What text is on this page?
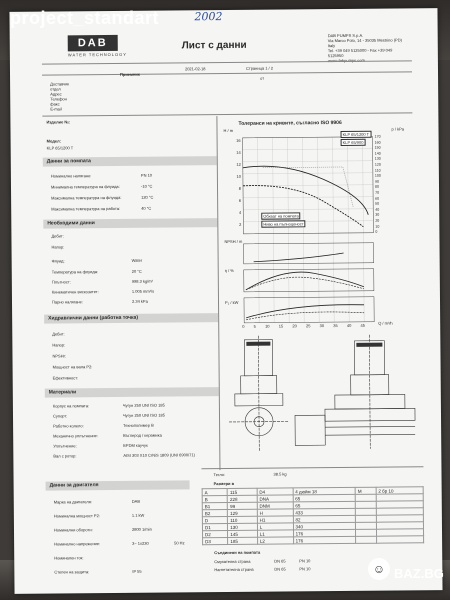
project_standart	2002
DAB
WATER TECHNOLOGY
Лист с данни
DAB PUMPS S.p.A.
Via Marco Polo, 14 - 35035 Mestrino (PD) Italy
Tel. +39 049 5125000 - Fax +39 049 5125950
www.dabpumps.com
2021-02-18	Страница 1 / 2
Приемник
от
Доставчик
отдел
Адрес
Телефон
факс
E-mail
Изделие №:
Модел:
KLP 65/1200 T
Данни за помпата
Номинално налягане:	PN 10
Минимална температура на флуида:	-10 °C
Максимална температура на флуида:	120 °C
Максимална температура на работа:	40 °C
Необходими данни
Дебит:
Напор:
Флуид:	Water
Температура на флуида:	20 °C
Плътност:	998.3 kg/m³
Кинематичен вискозитет:	1.005 mm²/s
Парно налягане:	2.34 kPa
Хидравлични данни (работна точка)
Дебит:
Напор:
NPSHr:
Мощност на вала P2:
Ефективност:
Материали
Корпус на помпата:	Чугун 250 UNI ISO 185
Супорт:	Чугун 250 UNI ISO 185
Работно колело:	Технополимер В
Механично уплътнение:	Въглерод / керамика
Уплътнение:	EPDM каучук
Вал с ротор:	AISI 303 X10 CrNiS 1809 (UNI 6900/71)
Данни за двигателя
Марка на двигателя:	DAB
Номинална мощност P2:	1.1 kW
Номинални обороти:	2800 1/min
Номинално напрежение:	3~ 1x230	50 Hz
Номинален ток:
Степен на защита:	IP 55
Толеранси на кривите, съгласно ISO 9906
KLP 65/1200 T
KLP 65/900
H / m	p / kPa
Обхват на помпата
Ниво на пълноценост
NPSH / m
η / %
P₂ / kW
Q / m³/h
16
14
12
10
8
6
4
2
170
160
150
140
130
120
110
100
90
80
70
60
50
40
30
20
10
0
0 5 10 15 20 25 30 35 40 45
Тегло:	38.5 kg
Размери в
A	115	D4	4 дюйм 18	M	2 бр 10
B	228	DNA	65		
B1	99	DNM	65		
B2	129	H	433		
D	110	H1	82		
D1	130	L	340		
D2	145	L1	176		
D3	185	L2	176		
Съединени на помпата
Смукателна страна	DN 65	PN 10
Нагнетателна страна	DN 65	PN 10	☺ BAZ.BG
